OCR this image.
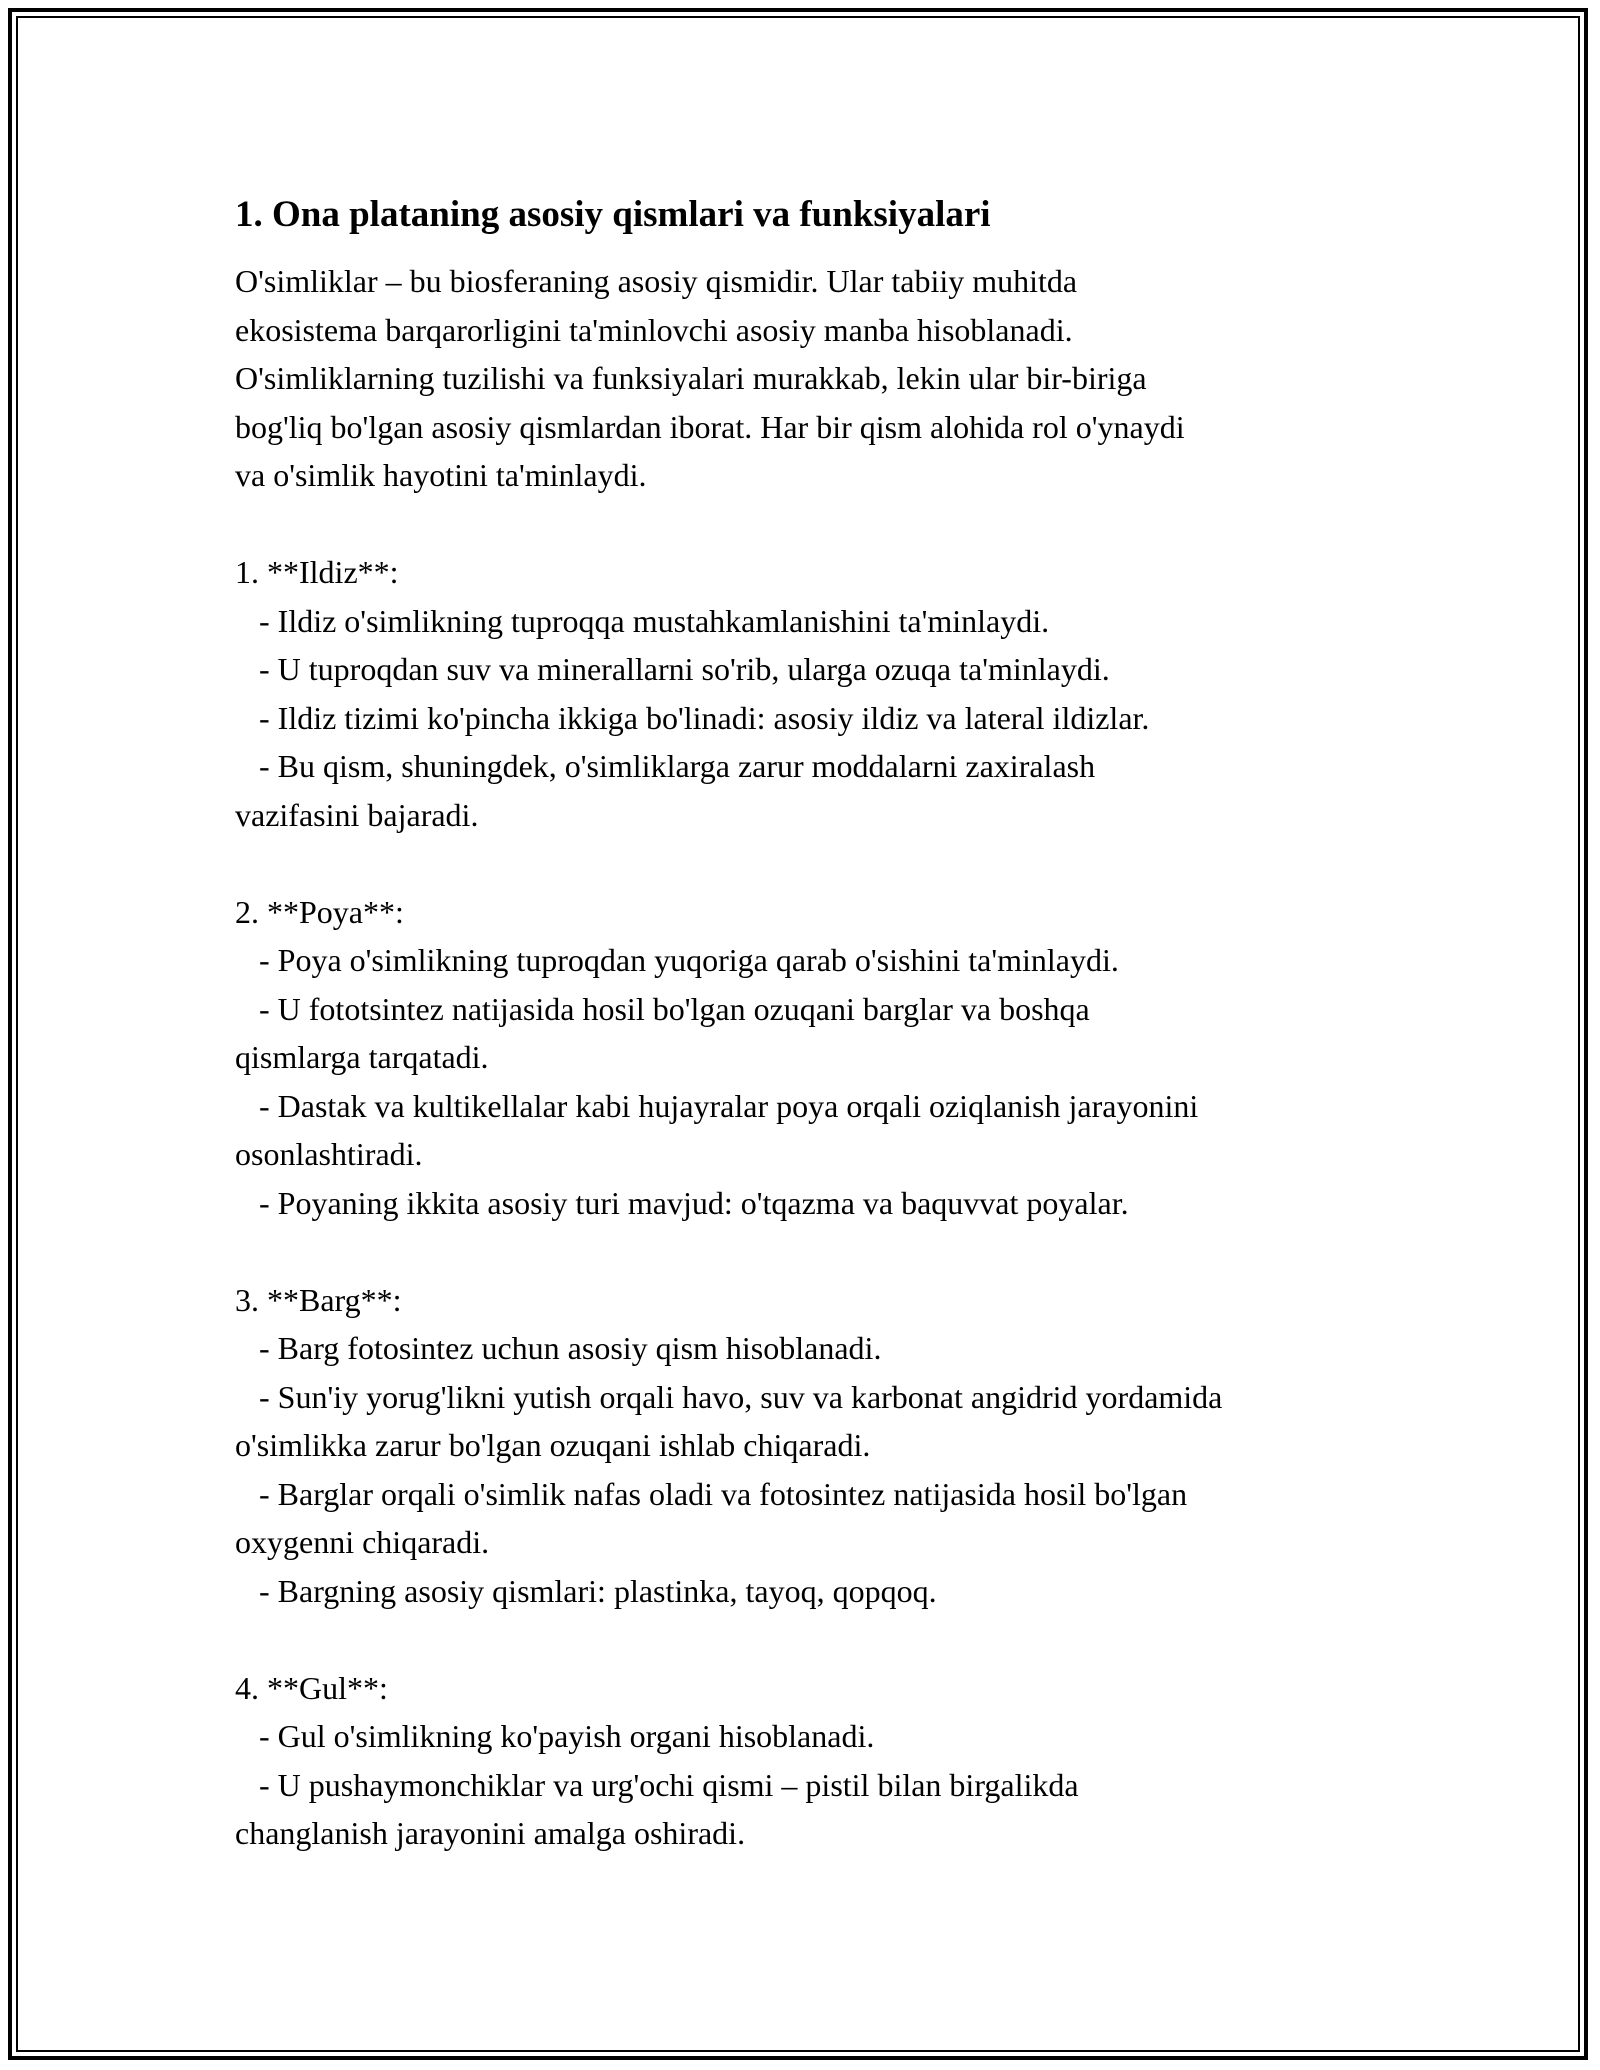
1. Ona plataning asosiy qismlari va funksiyalari
O'simliklar – bu biosferaning asosiy qismidir. Ular tabiiy muhitda
ekosistema barqarorligini ta'minlovchi asosiy manba hisoblanadi.
O'simliklarning tuzilishi va funksiyalari murakkab, lekin ular bir-biriga
bog'liq bo'lgan asosiy qismlardan iborat. Har bir qism alohida rol o'ynaydi
va o'simlik hayotini ta'minlaydi.

1. **Ildiz**:
- Ildiz o'simlikning tuproqqa mustahkamlanishini ta'minlaydi.
- U tuproqdan suv va minerallarni so'rib, ularga ozuqa ta'minlaydi.
- Ildiz tizimi ko'pincha ikkiga bo'linadi: asosiy ildiz va lateral ildizlar.
- Bu qism, shuningdek, o'simliklarga zarur moddalarni zaxiralash
vazifasini bajaradi.

2. **Poya**:
- Poya o'simlikning tuproqdan yuqoriga qarab o'sishini ta'minlaydi.
- U fototsintez natijasida hosil bo'lgan ozuqani barglar va boshqa
qismlarga tarqatadi.
- Dastak va kultikellalar kabi hujayralar poya orqali oziqlanish jarayonini
osonlashtiradi.
- Poyaning ikkita asosiy turi mavjud: o'tqazma va baquvvat poyalar.

3. **Barg**:
- Barg fotosintez uchun asosiy qism hisoblanadi.
- Sun'iy yorug'likni yutish orqali havo, suv va karbonat angidrid yordamida
o'simlikka zarur bo'lgan ozuqani ishlab chiqaradi.
- Barglar orqali o'simlik nafas oladi va fotosintez natijasida hosil bo'lgan
oxygenni chiqaradi.
- Bargning asosiy qismlari: plastinka, tayoq, qopqoq.

4. **Gul**:
- Gul o'simlikning ko'payish organi hisoblanadi.
- U pushaymonchiklar va urg'ochi qismi – pistil bilan birgalikda
changlanish jarayonini amalga oshiradi.
